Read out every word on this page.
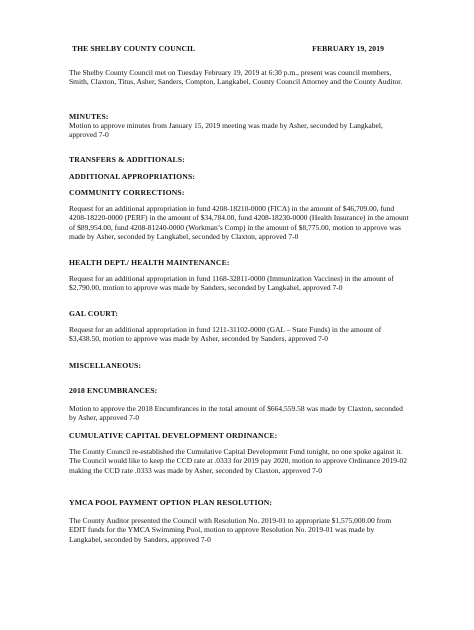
THE SHELBY COUNTY COUNCIL	FEBRUARY 19, 2019
The Shelby County Council met on Tuesday February 19, 2019 at 6:30 p.m., present was council members, Smith, Claxton, Titus, Asher, Sanders, Compton, Langkabel, County Council Attorney and the County Auditor.
MINUTES:
Motion to approve minutes from January 15, 2019 meeting was made by Asher, seconded by Langkabel, approved 7-0
TRANSFERS & ADDITIONALS:
ADDITIONAL APPROPRIATIONS:
COMMUNITY CORRECTIONS:
Request for an additional appropriation in fund 4208-18210-0000 (FICA) in the amount of $46,709.00, fund 4208-18220-0000 (PERF) in the amount of $34,784.00, fund 4208-18230-0000 (Health Insurance) in the amount of $89,954.00, fund 4208-81240-0000 (Workman’s Comp) in the amount of $8,775.00, motion to approve was made by Asher, seconded by Langkabel, seconded by Claxton, approved 7-0
HEALTH DEPT./ HEALTH MAINTENANCE:
Request for an additional appropriation in fund 1168-32811-0000 (Immunization Vaccines) in the amount of $2,790.00, motion to approve was made by Sanders, seconded by Langkabel, approved 7-0
GAL COURT:
Request for an additional appropriation in fund 1211-31102-0000 (GAL – State Funds) in the amount of $3,438.50, motion to approve was made by Asher, seconded by Sanders, approved 7-0
MISCELLANEOUS:
2018 ENCUMBRANCES:
Motion to approve the 2018 Encumbrances in the total amount of $664,559.58 was made by Claxton, seconded by Asher, approved 7-0
CUMULATIVE CAPITAL DEVELOPMENT ORDINANCE:
The County Council re-established the Cumulative Capital Development Fund tonight, no one spoke against it. The Council would like to keep the CCD rate at .0333 for 2019 pay 2020, motion to approve Ordinance 2019-02 making the CCD rate .0333 was made by Asher, seconded by Claxton, approved 7-0
YMCA POOL PAYMENT OPTION PLAN RESOLUTION:
The County Auditor presented the Council with Resolution No. 2019-01 to appropriate $1,575,000.00 from EDIT funds for the YMCA Swimming Pool, motion to approve Resolution No. 2019-01 was made by Langkabel, seconded by Sanders, approved 7-0
